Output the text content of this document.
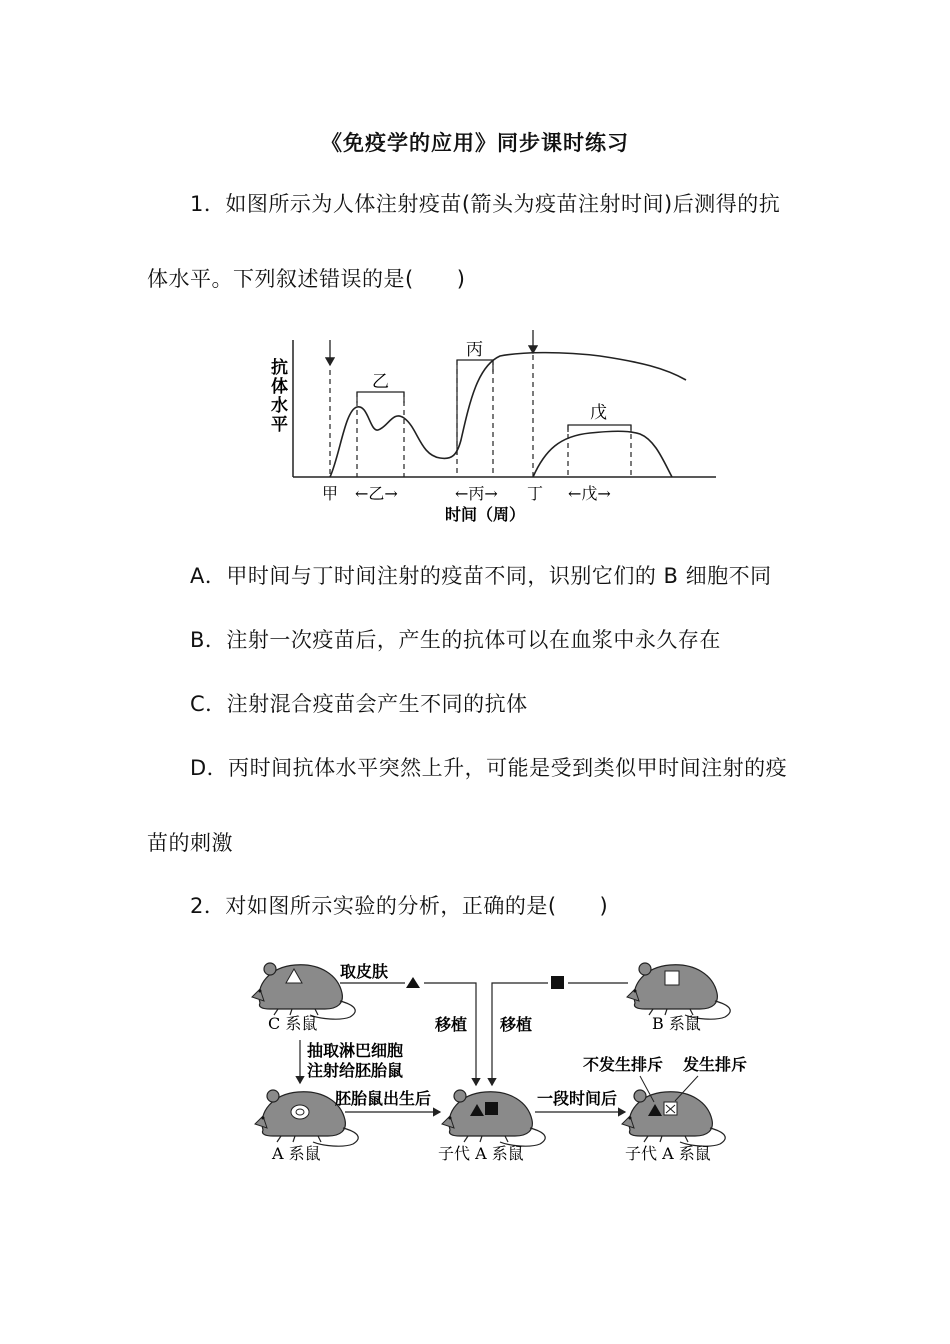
《免疫学的应用》同步课时练习
1．如图所示为人体注射疫苗(箭头为疫苗注射时间)后测得的抗
体水平。下列叙述错误的是(　　)
抗
体
水
平
乙
丙
戊
甲 ←乙→	←丙→ 丁 ←戊→
时间（周）
A．甲时间与丁时间注射的疫苗不同，识别它们的 B 细胞不同
B．注射一次疫苗后，产生的抗体可以在血浆中永久存在
C．注射混合疫苗会产生不同的抗体
D．丙时间抗体水平突然上升，可能是受到类似甲时间注射的疫
苗的刺激
2．对如图所示实验的分析，正确的是(　　)
C 系鼠	B 系鼠
取皮肤
移植 移植
抽取淋巴细胞
注射给胚胎鼠
A 系鼠
胚胎鼠出生后
子代 A 系鼠
一段时间后
子代 A 系鼠
不发生排斥 发生排斥
